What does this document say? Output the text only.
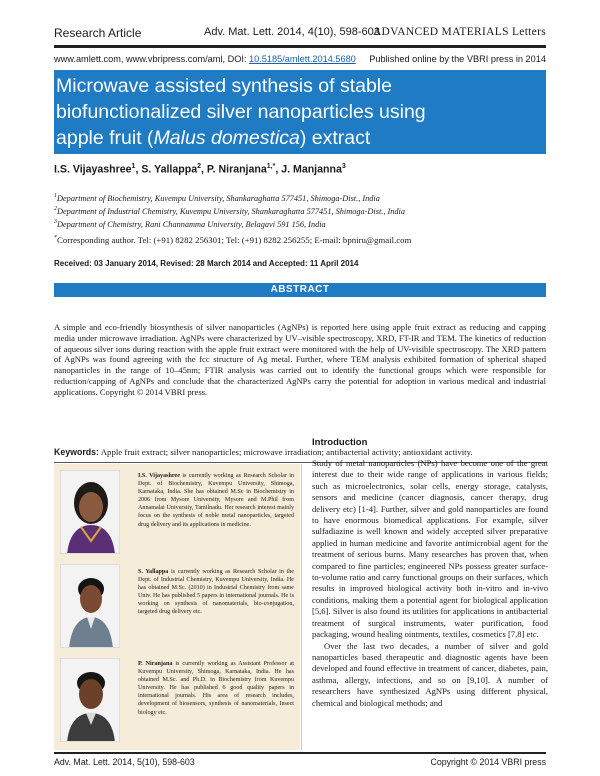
Research Article	Adv. Mat. Lett. 2014, 4(10), 598-603
ADVANCED MATERIALS Letters
www.amlett.com, www.vbripress.com/aml, DOI: 10.5185/amlett.2014.5680 Published online by the VBRI press in 2014
Microwave assisted synthesis of stable
biofunctionalized silver nanoparticles using
apple fruit (Malus domestica) extract
I.S. Vijayashree$^1$, S. Yallappa$^2$, P. Niranjana$^{1,*}$, J. Manjanna$^3$
$^1$Department of Biochemistry, Kuvempu University, Shankaraghatta 577451, Shimoga-Dist., India
$^2$Department of Industrial Chemistry, Kuvempu University, Shankaraghatta 577451, Shimoga-Dist., India
$^3$Department of Chemistry, Rani Channamma University, Belagavi 591 156, India
*Corresponding author. Tel: (+91) 8282 256301; Tel: (+91) 8282 256255; E-mail: bpniru@gmail.com
Received: 03 January 2014, Revised: 28 March 2014 and Accepted: 11 April 2014
ABSTRACT
A simple and eco-friendly biosynthesis of silver nanoparticles (AgNPs) is reported here using apple fruit extract as reducing and capping media under microwave irradiation. AgNPs were characterized by UV–visible spectroscopy, XRD, FT-IR and TEM. The kinetics of reduction of aqueous silver ions during reaction with the apple fruit extract were monitored with the help of UV-visible spectroscopy. The XRD pattern of AgNPs was found agreeing with the fcc structure of Ag metal. Further, where TEM analysis exhibited formation of spherical shaped nanoparticles in the range of 10–45nm; FTIR analysis was carried out to identify the functional groups which were responsible for reduction/capping of AgNPs and conclude that the characterized AgNPs carry the potential for adoption in various medical and industrial applications. Copyright © 2014 VBRI press.
Keywords: Apple fruit extract; silver nanoparticles; microwave irradiation; antibacterial activity; antioxidant activity.
I.S. Vijayashree is currently working as Research Scholar in Dept. of Biochemistry, Kuvempu University, Shimoga, Karnataka, India. She has obtained M.Sc in Biochemistry in 2006 from Mysore University, Mysore and M.Phil from Annamalai University, Tamilnadu. Her research interest mainly focus on the synthesis of noble metal nanoparticles, targeted drug delivery and its applications in medicine.
S. Yallappa is currently working as Research Scholar in the Dept. of Industrial Chemistry, Kuvempu University, India. He has obtained M.Sc. (2010) in Industrial Chemistry from same Univ. He has published 5 papers in international journals. He is working on synthesis of nanomaterials, bio-conjugation, targeted drug delivery etc.
P. Niranjana is currently working as Assistant Professor at Kuvempu University, Shimoga, Karnataka, India. He has obtained M.Sc. and Ph.D. in Biochemistry from Kuvempu University. He has published 6 good quality papers in international journals. His area of research includes, development of biosensors, synthesis of nanomaterials, Insect biology etc.
Introduction

Study of metal nanoparticles (NPs) have become one of the great interest due to their wide range of applications in various fields; such as microelectronics, solar cells, energy storage, catalysts, sensors and medicine (cancer diagnosis, cancer therapy, drug delivery etc) [1-4]. Further, silver and gold nanoparticles are found to have enormous biomedical applications. For example, silver sulfadiazine is well known and widely accepted silver preparative applied in human medicine and favorite antimicrobial agent for the treatment of serious burns. Many researches has proven that, when compared to fine particles; engineered NPs possess greater surface-to-volume ratio and carry functional groups on their surfaces, which results in improved biological activity both in-vitro and in-vivo conditions, making them a potential agent for biological application [5,6]. Silver is also found its utilities for applications in antibacterial treatment of surgical instruments, water purification, food packaging, wound healing ointments, textiles, cosmetics [7,8] etc.

Over the last two decades, a number of silver and gold nanoparticles based therapeutic and diagnostic agents have been developed and found effective in treatment of cancer, diabetes, pain, asthma, allergy, infections, and so on [9,10]. A number of researchers have synthesized AgNPs using different physical, chemical and biological methods; and

Adv. Mat. Lett. 2014, 5(10), 598-603	Copyright © 2014 VBRI press
